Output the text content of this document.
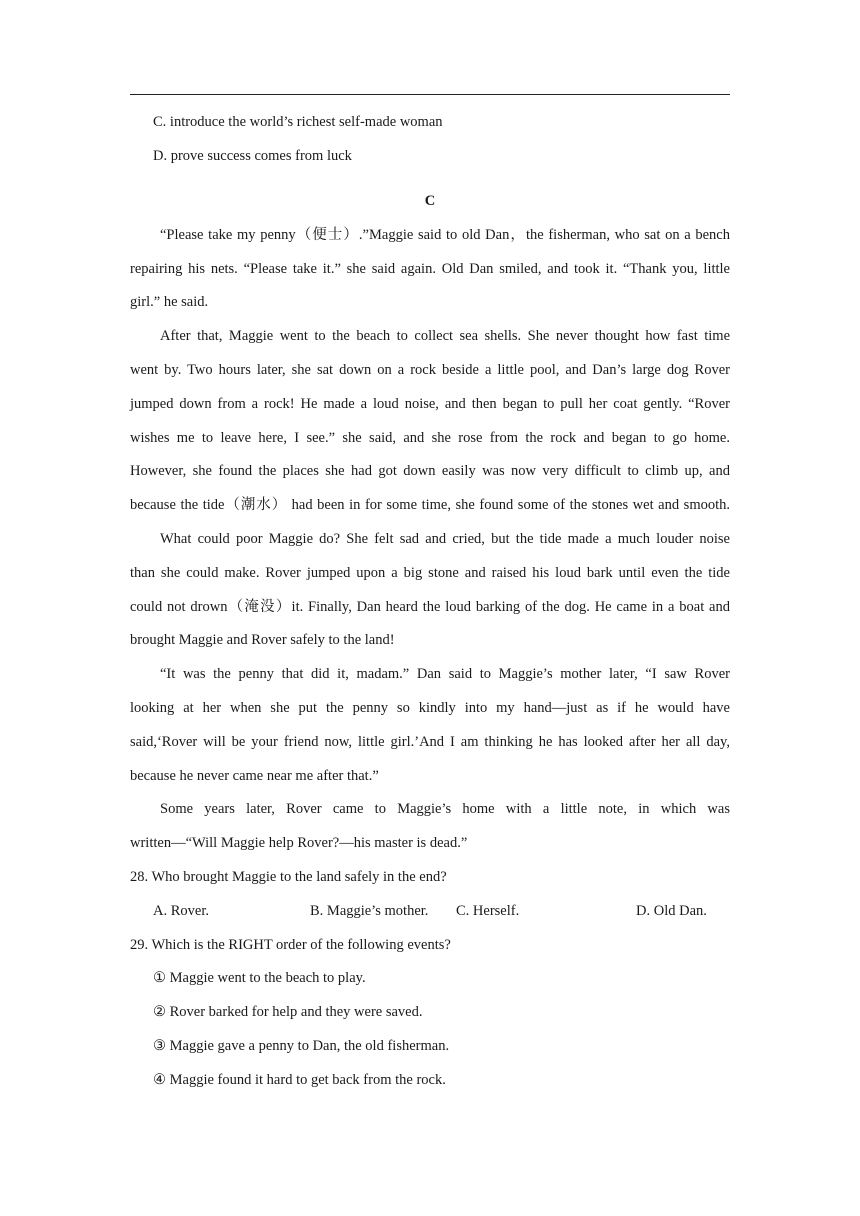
C. introduce the world’s richest self-made woman
D. prove success comes from luck
C
“Please take my penny（便士）.”Maggie said to old Dan，the fisherman, who sat on a bench
repairing his nets. “Please take it.” she said again. Old Dan smiled, and took it. “Thank you, little
girl.” he said.
After that, Maggie went to the beach to collect sea shells. She never thought how fast time
went by. Two hours later, she sat down on a rock beside a little pool, and Dan’s large dog Rover
jumped down from a rock! He made a loud noise, and then began to pull her coat gently. “Rover
wishes me to leave here, I see.” she said, and she rose from the rock and began to go home.
However, she found the places she had got down easily was now very difficult to climb up, and
because the tide（潮水） had been in for some time, she found some of the stones wet and smooth.
What could poor Maggie do? She felt sad and cried, but the tide made a much louder noise
than she could make. Rover jumped upon a big stone and raised his loud bark until even the tide
could not drown（淹没）it. Finally, Dan heard the loud barking of the dog. He came in a boat and
brought Maggie and Rover safely to the land!
“It was the penny that did it, madam.” Dan said to Maggie’s mother later, “I saw Rover
looking at her when she put the penny so kindly into my hand—just as if he would have
said,‘Rover will be your friend now, little girl.’And I am thinking he has looked after her all day,
because he never came near me after that.”
Some years later, Rover came to Maggie’s home with a little note, in which was
written—“Will Maggie help Rover?—his master is dead.”
28. Who brought Maggie to the land safely in the end?
A. Rover.	B. Maggie’s mother. C. Herself.	D. Old Dan.
29. Which is the RIGHT order of the following events?
① Maggie went to the beach to play.
② Rover barked for help and they were saved.
③ Maggie gave a penny to Dan, the old fisherman.
④ Maggie found it hard to get back from the rock.
